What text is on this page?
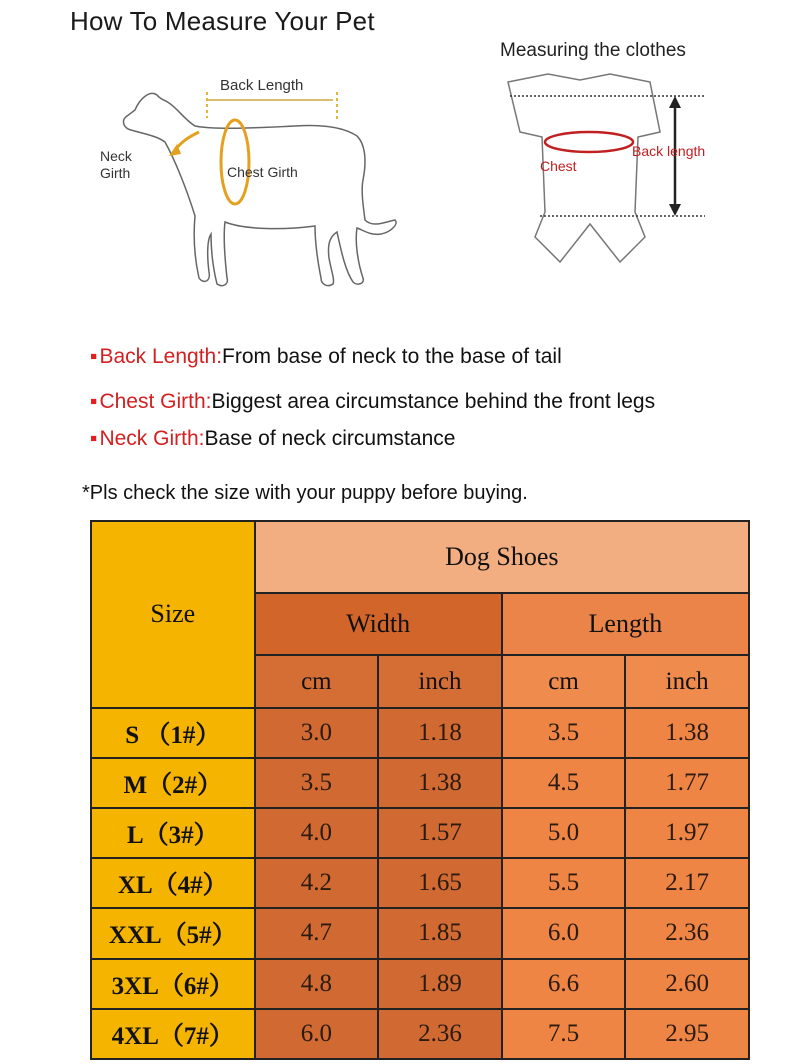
How To Measure Your Pet
Back Length
Neck
Girth	Chest Girth
Measuring the clothes
Chest
Back length
▪Back Length:From base of neck to the base of tail
▪Chest Girth:Biggest area circumstance behind the front legs
▪Neck Girth:Base of neck circumstance
*Pls check the size with your puppy before buying.
Size	Dog Shoes			
	Width		Length	
	cm	inch	cm	inch
S （1#）	3.0	1.18	3.5	1.38
M（2#）	3.5	1.38	4.5	1.77
L（3#）	4.0	1.57	5.0	1.97
XL（4#）	4.2	1.65	5.5	2.17
XXL（5#）	4.7	1.85	6.0	2.36
3XL（6#）	4.8	1.89	6.6	2.60
4XL（7#）	6.0	2.36	7.5	2.95
